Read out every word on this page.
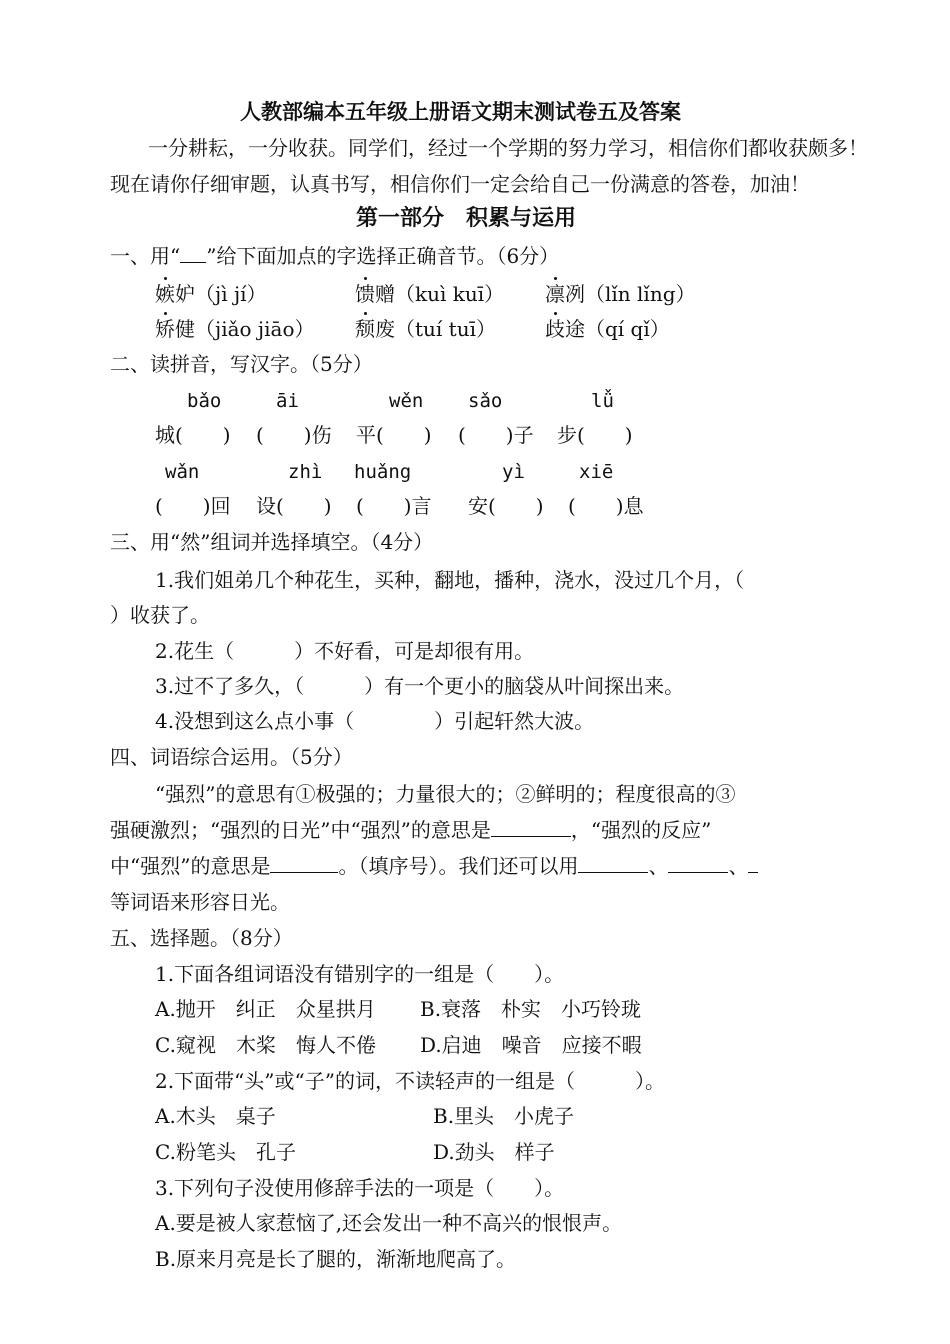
人教部编本五年级上册语文期末测试卷五及答案
一分耕耘，一分收获。同学们，经过一个学期的努力学习，相信你们都收获颇多！
现在请你仔细审题，认真书写，相信你们一定会给自己一份满意的答卷，加油！
第一部分　积累与运用
一、用“ ”给下面加点的字选择正确音节。（6分）
嫉妒（jì jí）	馈赠（kuì kuī） 凛冽（lǐn lǐng）
矫健（jiǎo jiāo） 颓废（tuí tuī） 歧途（qí qǐ）
二、读拼音，写汉字。（5分）
bǎo	āi	wěn sǎo	lǚ
城(　　) (　　)伤 平(　　) (　　)子 步(　　)
wǎn	zhì huǎng	yì	xiē
(　　)回 设(　　) (　　)言 安(　　) (　　)息
三、用“然”组词并选择填空。（4分）
1.我们姐弟几个种花生，买种，翻地，播种，浇水，没过几个月，（
）收获了。
2.花生（　　　）不好看，可是却很有用。
3.过不了多久，（　　　）有一个更小的脑袋从叶间探出来。
4.没想到这么点小事（　　　　）引起轩然大波。
四、词语综合运用。（5分）
“强烈”的意思有①极强的；力量很大的；②鲜明的；程度很高的③
强硬激烈；“强烈的日光”中“强烈”的意思是	，“强烈的反应”
中“强烈”的意思是	。（填序号）。我们还可以用	、	、
等词语来形容日光。
五、选择题。（8分）
1.下面各组词语没有错别字的一组是（　　）。
A.抛开　纠正　众星拱月 B.衰落　朴实　小巧铃珑
C.窥视　木桨　悔人不倦 D.启迪　噪音　应接不暇
2.下面带“头”或“子”的词，不读轻声的一组是（　　　）。
A.木头　桌子	B.里头　小虎子
C.粉笔头　孔子	D.劲头　样子
3.下列句子没使用修辞手法的一项是（　　）。
A.要是被人家惹恼了,还会发出一种不高兴的恨恨声。
B.原来月亮是长了腿的，渐渐地爬高了。
